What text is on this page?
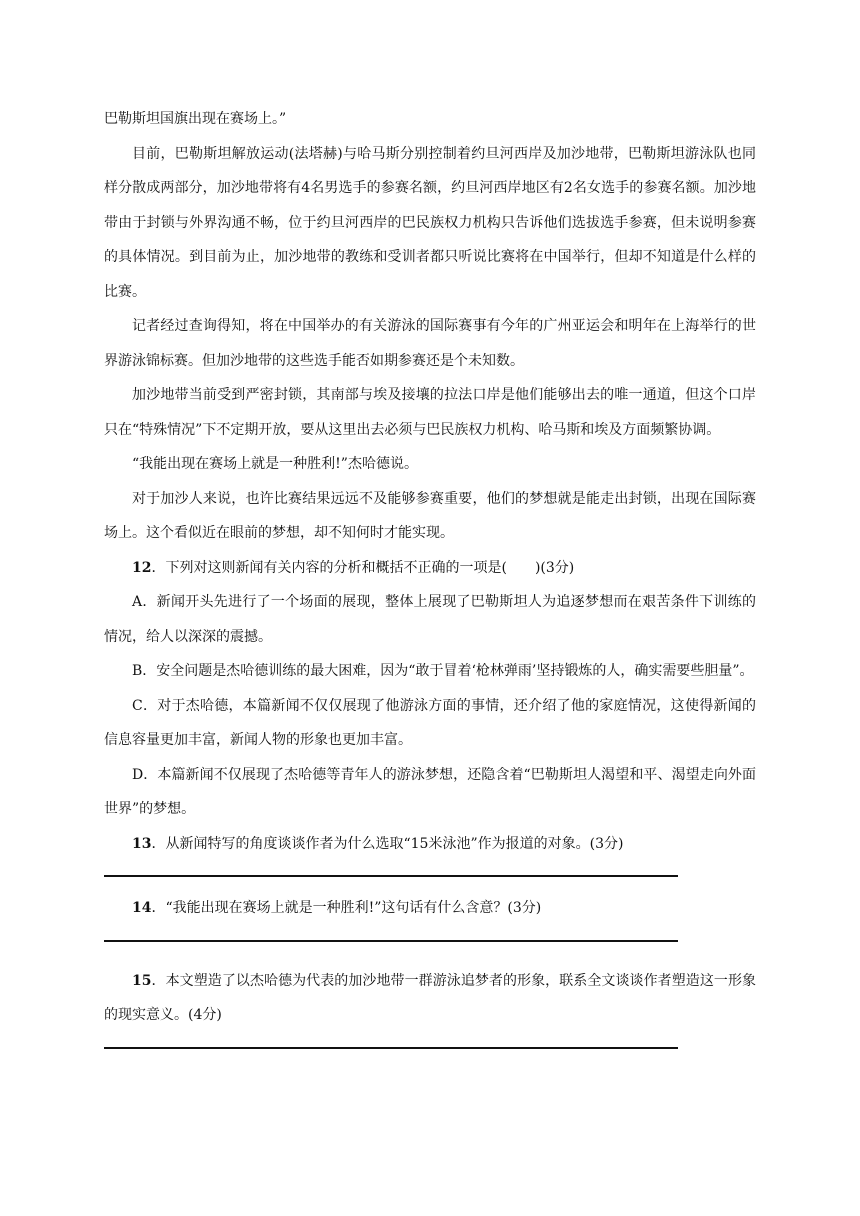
巴勒斯坦国旗出现在赛场上。”

目前，巴勒斯坦解放运动(法塔赫)与哈马斯分别控制着约旦河西岸及加沙地带，巴勒斯坦游泳队也同样分散成两部分，加沙地带将有4名男选手的参赛名额，约旦河西岸地区有2名女选手的参赛名额。加沙地带由于封锁与外界沟通不畅，位于约旦河西岸的巴民族权力机构只告诉他们选拔选手参赛，但未说明参赛的具体情况。到目前为止，加沙地带的教练和受训者都只听说比赛将在中国举行，但却不知道是什么样的比赛。

记者经过查询得知，将在中国举办的有关游泳的国际赛事有今年的广州亚运会和明年在上海举行的世界游泳锦标赛。但加沙地带的这些选手能否如期参赛还是个未知数。

加沙地带当前受到严密封锁，其南部与埃及接壤的拉法口岸是他们能够出去的唯一通道，但这个口岸只在“特殊情况”下不定期开放，要从这里出去必须与巴民族权力机构、哈马斯和埃及方面频繁协调。

“我能出现在赛场上就是一种胜利!”杰哈德说。

对于加沙人来说，也许比赛结果远远不及能够参赛重要，他们的梦想就是能走出封锁，出现在国际赛场上。这个看似近在眼前的梦想，却不知何时才能实现。

12．下列对这则新闻有关内容的分析和概括不正确的一项是(　　)(3分)

A．新闻开头先进行了一个场面的展现，整体上展现了巴勒斯坦人为追逐梦想而在艰苦条件下训练的情况，给人以深深的震撼。

B．安全问题是杰哈德训练的最大困难，因为“敢于冒着‘枪林弹雨’坚持锻炼的人，确实需要些胆量”。

C．对于杰哈德，本篇新闻不仅仅展现了他游泳方面的事情，还介绍了他的家庭情况，这使得新闻的信息容量更加丰富，新闻人物的形象也更加丰富。

D．本篇新闻不仅展现了杰哈德等青年人的游泳梦想，还隐含着“巴勒斯坦人渴望和平、渴望走向外面世界”的梦想。

13．从新闻特写的角度谈谈作者为什么选取“15米泳池”作为报道的对象。(3分)

14．“我能出现在赛场上就是一种胜利!”这句话有什么含意？(3分)

15．本文塑造了以杰哈德为代表的加沙地带一群游泳追梦者的形象，联系全文谈谈作者塑造这一形象的现实意义。(4分)
